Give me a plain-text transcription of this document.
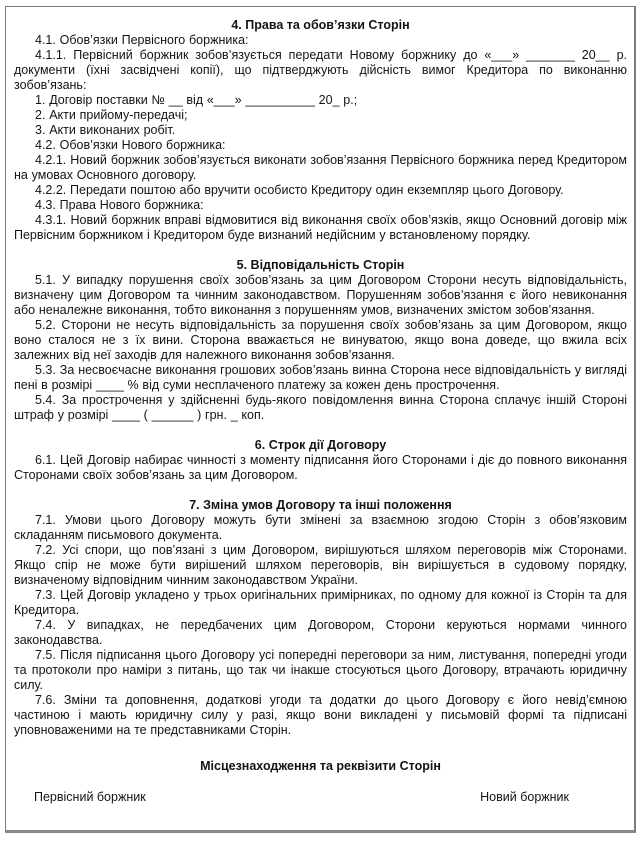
4. Права та обов’язки Сторін

4.1. Обов’язки Первісного боржника:

4.1.1. Первісний боржник зобов’язується передати Новому боржнику до «___» _______ 20__ р. документи (їхні засвідчені копії), що підтверджують дійсність вимог Кредитора по виконанню зобов’язань:

1. Договір поставки № __ від «___» __________ 20_ р.;

2. Акти прийому-передачі;

3. Акти виконаних робіт.

4.2. Обов’язки Нового боржника:

4.2.1. Новий боржник зобов’язується виконати зобов’язання Первісного боржника перед Кредитором на умовах Основного договору.

4.2.2. Передати поштою або вручити особисто Кредитору один екземпляр цього Договору.

4.3. Права Нового боржника:

4.3.1. Новий боржник вправі відмовитися від виконання своїх обов’язків, якщо Основний договір між Первісним боржником і Кредитором буде визнаний недійсним у встановленому порядку.

5. Відповідальність Сторін

5.1. У випадку порушення своїх зобов’язань за цим Договором Сторони несуть відповідальність, визначену цим Договором та чинним законодавством. Порушенням зобов’язання є його невиконання або неналежне виконання, тобто виконання з порушенням умов, визначених змістом зобов’язання.

5.2. Сторони не несуть відповідальність за порушення своїх зобов’язань за цим Договором, якщо воно сталося не з їх вини. Сторона вважається не винуватою, якщо вона доведе, що вжила всіх залежних від неї заходів для належного виконання зобов’язання.

5.3. За несвоєчасне виконання грошових зобов’язань винна Сторона несе відповідальність у вигляді пені в розмірі ____ % від суми несплаченого платежу за кожен день прострочення.

5.4. За прострочення у здійсненні будь-якого повідомлення винна Сторона сплачує іншій Стороні штраф у розмірі ____ ( ______ ) грн. _ коп.

6. Строк дії Договору

6.1. Цей Договір набирає чинності з моменту підписання його Сторонами і діє до повного виконання Сторонами своїх зобов’язань за цим Договором.

7. Зміна умов Договору та інші положення

7.1. Умови цього Договору можуть бути змінені за взаємною згодою Сторін з обов’язковим складанням письмового документа.

7.2. Усі спори, що пов’язані з цим Договором, вирішуються шляхом переговорів між Сторонами. Якщо спір не може бути вирішений шляхом переговорів, він вирішується в судовому порядку, визначеному відповідним чинним законодавством України.

7.3. Цей Договір укладено у трьох оригінальних примірниках, по одному для кожної із Сторін та для Кредитора.

7.4. У випадках, не передбачених цим Договором, Сторони керуються нормами чинного законодавства.

7.5. Після підписання цього Договору усі попередні переговори за ним, листування, попередні угоди та протоколи про наміри з питань, що так чи інакше стосуються цього Договору, втрачають юридичну силу.

7.6. Зміни та доповнення, додаткові угоди та додатки до цього Договору є його невід’ємною частиною і мають юридичну силу у разі, якщо вони викладені у письмовій формі та підписані уповноваженими на те представниками Сторін.

Місцезнаходження та реквізити Сторін
Первісний боржник	Новий боржник
